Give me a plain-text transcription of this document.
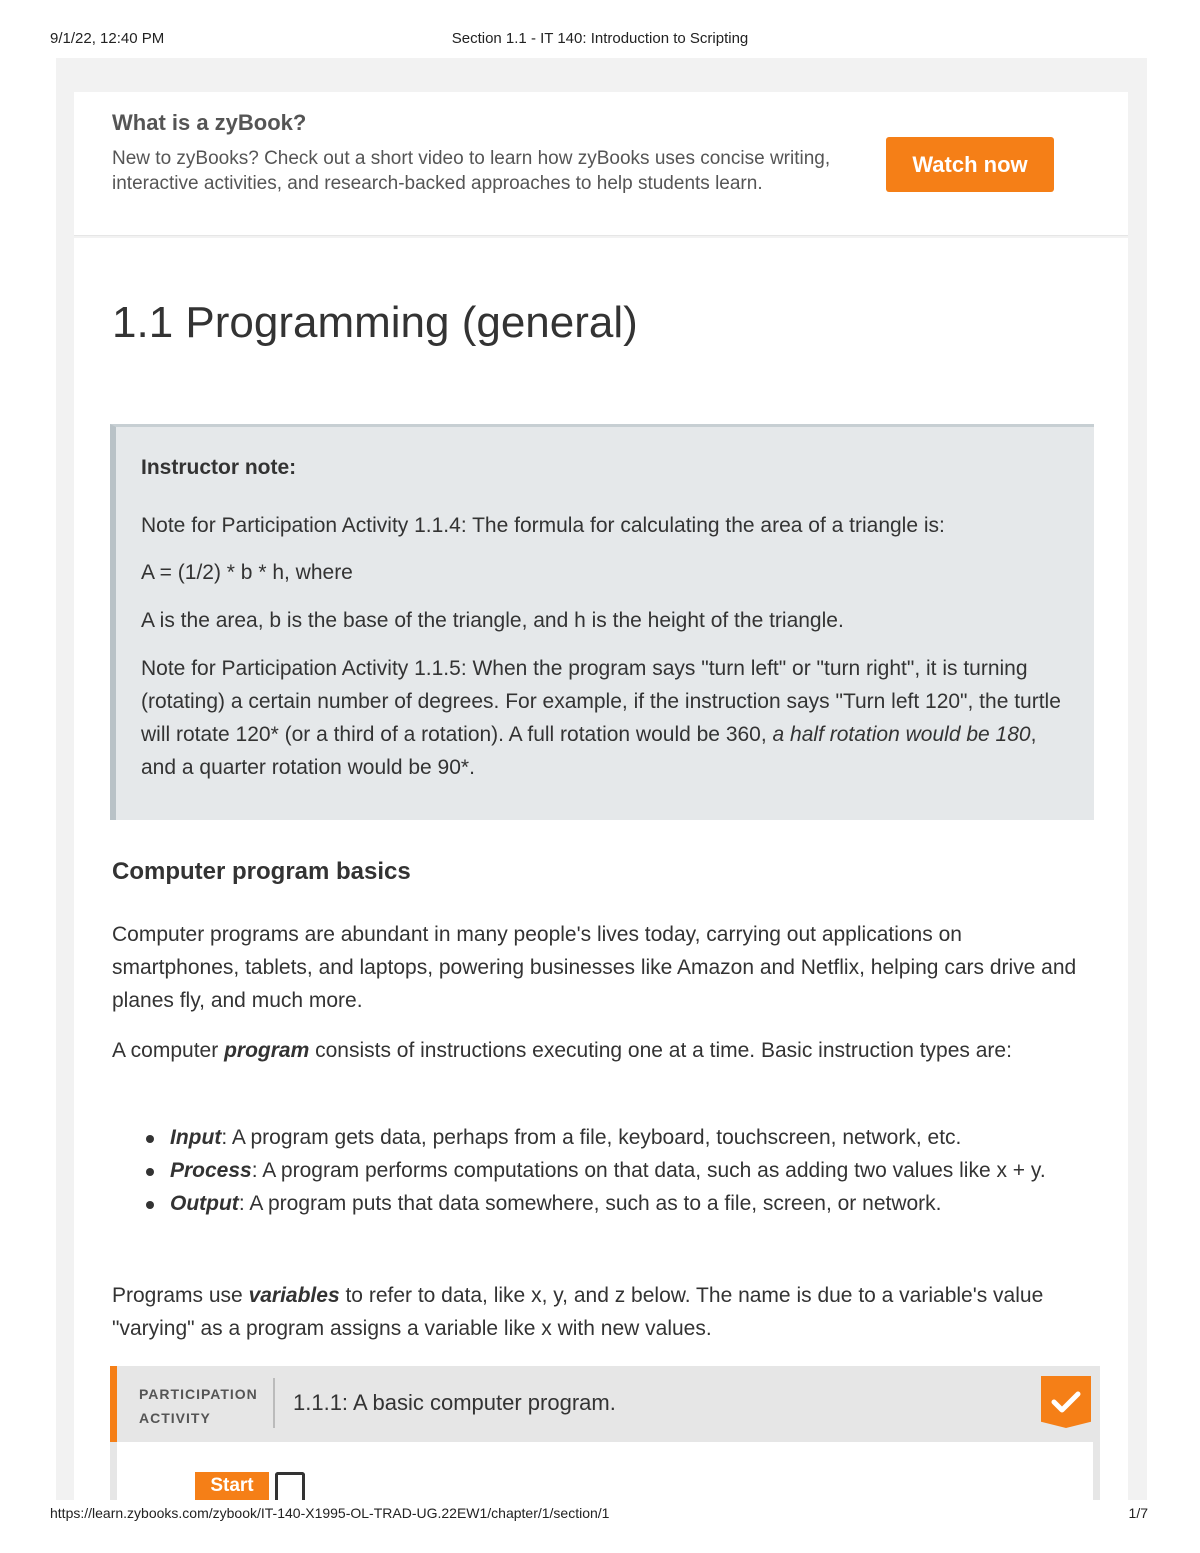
9/1/22, 12:40 PM	Section 1.1 - IT 140: Introduction to Scripting
What is a zyBook?
New to zyBooks? Check out a short video to learn how zyBooks uses concise writing, interactive activities, and research-backed approaches to help students learn.
Watch now
1.1 Programming (general)
Instructor note:

Note for Participation Activity 1.1.4: The formula for calculating the area of a triangle is:

A = (1/2) * b * h, where

A is the area, b is the base of the triangle, and h is the height of the triangle.

Note for Participation Activity 1.1.5: When the program says "turn left" or "turn right", it is turning (rotating) a certain number of degrees. For example, if the instruction says "Turn left 120", the turtle will rotate 120* (or a third of a rotation). A full rotation would be 360, a half rotation would be 180, and a quarter rotation would be 90*.

Computer program basics

Computer programs are abundant in many people's lives today, carrying out applications on smartphones, tablets, and laptops, powering businesses like Amazon and Netflix, helping cars drive and planes fly, and much more.

A computer program consists of instructions executing one at a time. Basic instruction types are:

Input: A program gets data, perhaps from a file, keyboard, touchscreen, network, etc.
Process: A program performs computations on that data, such as adding two values like x + y.
Output: A program puts that data somewhere, such as to a file, screen, or network.

Programs use variables to refer to data, like x, y, and z below. The name is due to a variable's value "varying" as a program assigns a variable like x with new values.

PARTICIPATION
ACTIVITY
1.1.1: A basic computer program.
Start
https://learn.zybooks.com/zybook/IT-140-X1995-OL-TRAD-UG.22EW1/chapter/1/section/1	1/7
